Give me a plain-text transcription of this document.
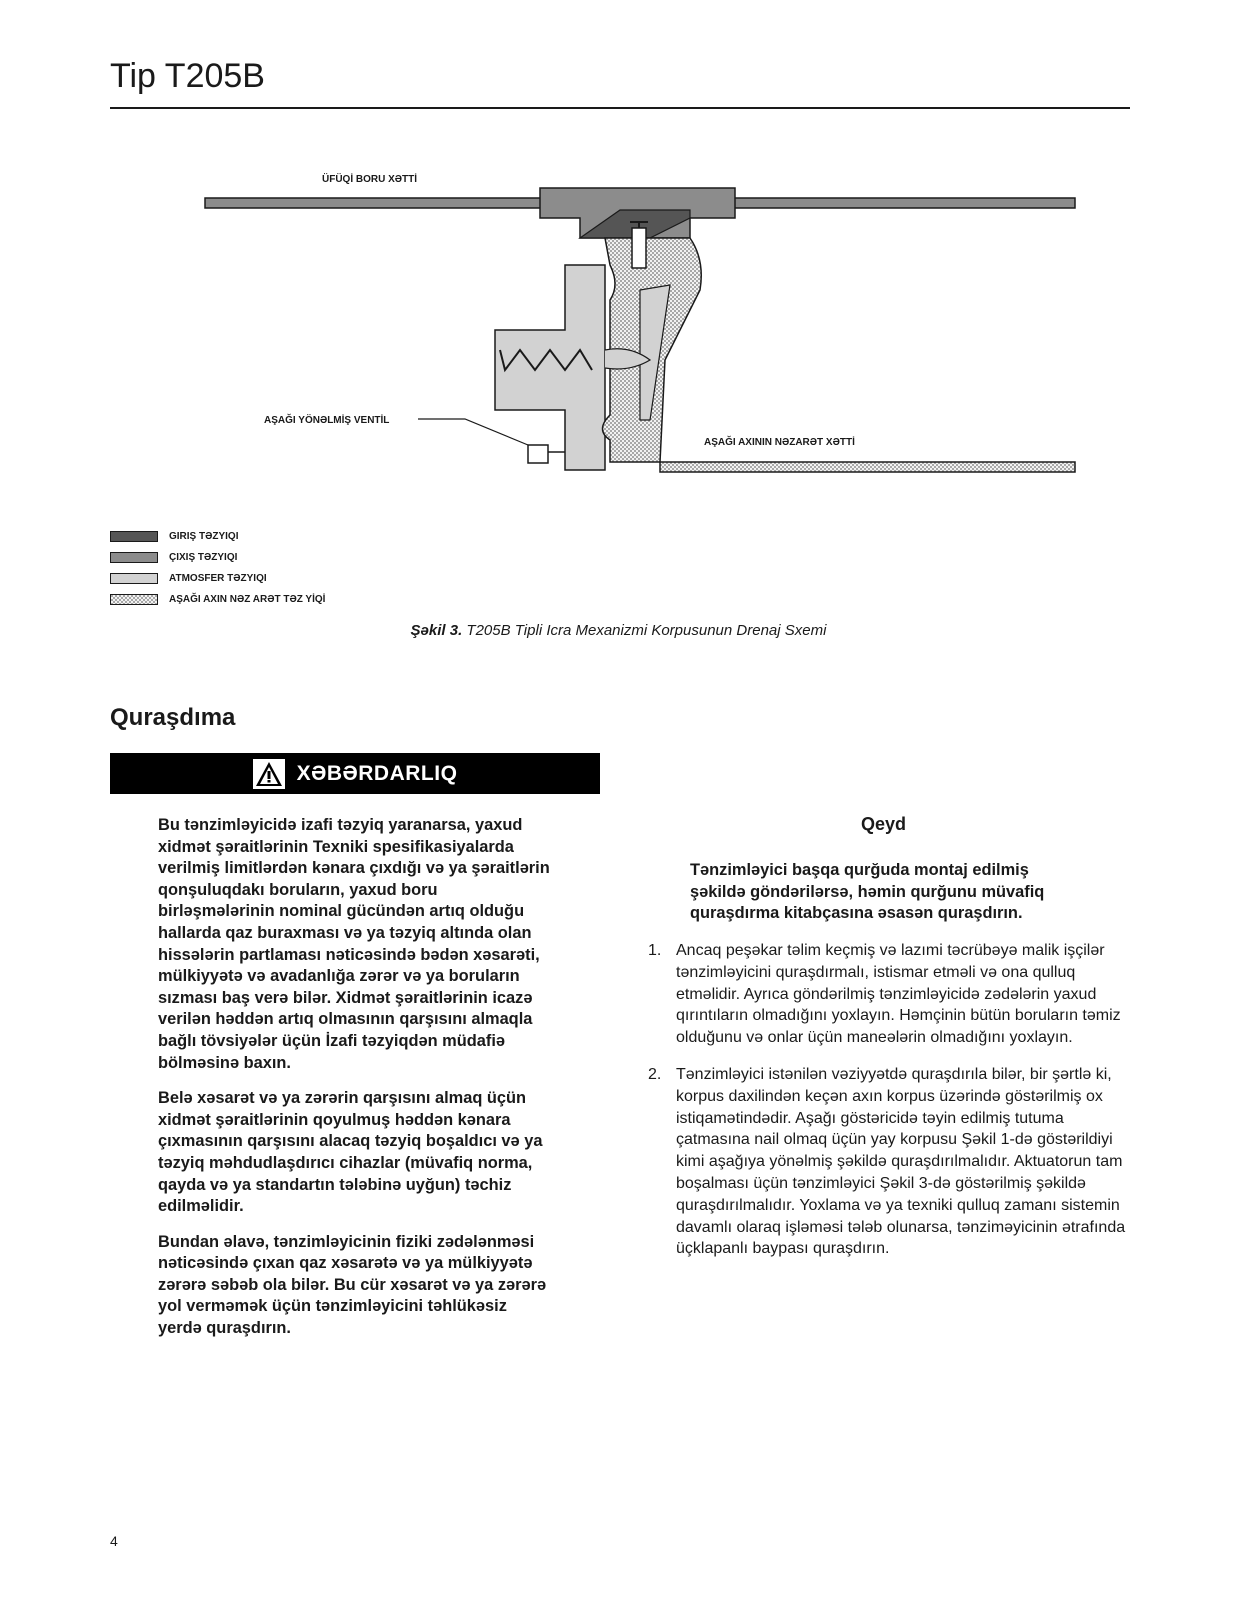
Tip T205B
ÜFÜQİ BORU XƏTTİ
AŞAĞI YÖNƏLMİŞ VENTİL
AŞAĞI AXININ NƏZARƏT XƏTTİ
GIRIŞ TƏZYIQI
ÇIXIŞ TƏZYIQI
ATMOSFER TƏZYIQI
AŞAĞI AXIN NƏZ ARƏT TƏZ YİQİ
Şəkil 3. T205B Tipli Icra Mexanizmi Korpusunun Drenaj Sxemi
Quraşdıma
XƏBƏRDARLIQ

Bu tənzimləyicidə izafi təzyiq yaranarsa, yaxud xidmət şəraitlərinin Texniki spesifikasiyalarda verilmiş limitlərdən kənara çıxdığı və ya şəraitlərin qonşuluqdakı boruların, yaxud boru birləşmələrinin nominal gücündən artıq olduğu hallarda qaz buraxması və ya təzyiq altında olan hissələrin partlaması nəticəsində bədən xəsarəti, mülkiyyətə və avadanlığa zərər və ya boruların sızması baş verə bilər. Xidmət şəraitlərinin icazə verilən həddən artıq olmasının qarşısını almaqla bağlı tövsiyələr üçün İzafi təzyiqdən müdafiə bölməsinə baxın.

Belə xəsarət və ya zərərin qarşısını almaq üçün xidmət şəraitlərinin qoyulmuş həddən kənara çıxmasının qarşısını alacaq təzyiq boşaldıcı və ya təzyiq məhdudlaşdırıcı cihazlar (müvafiq norma, qayda və ya standartın tələbinə uyğun) təchiz edilməlidir.

Bundan əlavə, tənzimləyicinin fiziki zədələnməsi nəticəsində çıxan qaz xəsarətə və ya mülkiyyətə zərərə səbəb ola bilər. Bu cür xəsarət və ya zərərə yol verməmək üçün tənzimləyicini təhlükəsiz yerdə quraşdırın.

Qeyd

Tənzimləyici başqa qurğuda montaj edilmiş şəkildə göndərilərsə, həmin qurğunu müvafiq quraşdırma kitabçasına əsasən quraşdırın.

1. Ancaq peşəkar təlim keçmiş və lazımi təcrübəyə malik işçilər tənzimləyicini quraşdırmalı, istismar etməli və ona qulluq etməlidir. Ayrıca göndərilmiş tənzimləyicidə zədələrin yaxud qırıntıların olmadığını yoxlayın. Həmçinin bütün boruların təmiz olduğunu və onlar üçün maneələrin olmadığını yoxlayın.
2. Tənzimləyici istənilən vəziyyətdə quraşdırıla bilər, bir şərtlə ki, korpus daxilindən keçən axın korpus üzərində göstərilmiş ox istiqamətindədir. Aşağı göstəricidə təyin edilmiş tutuma çatmasına nail olmaq üçün yay korpusu Şəkil 1-də göstərildiyi kimi aşağıya yönəlmiş şəkildə quraşdırılmalıdır. Aktuatorun tam boşalması üçün tənzimləyici Şəkil 3-də göstərilmiş şəkildə quraşdırılmalıdır. Yoxlama və ya texniki qulluq zamanı sistemin davamlı olaraq işləməsi tələb olunarsa, tənziməyicinin ətrafında üçklapanlı baypası quraşdırın.
4
